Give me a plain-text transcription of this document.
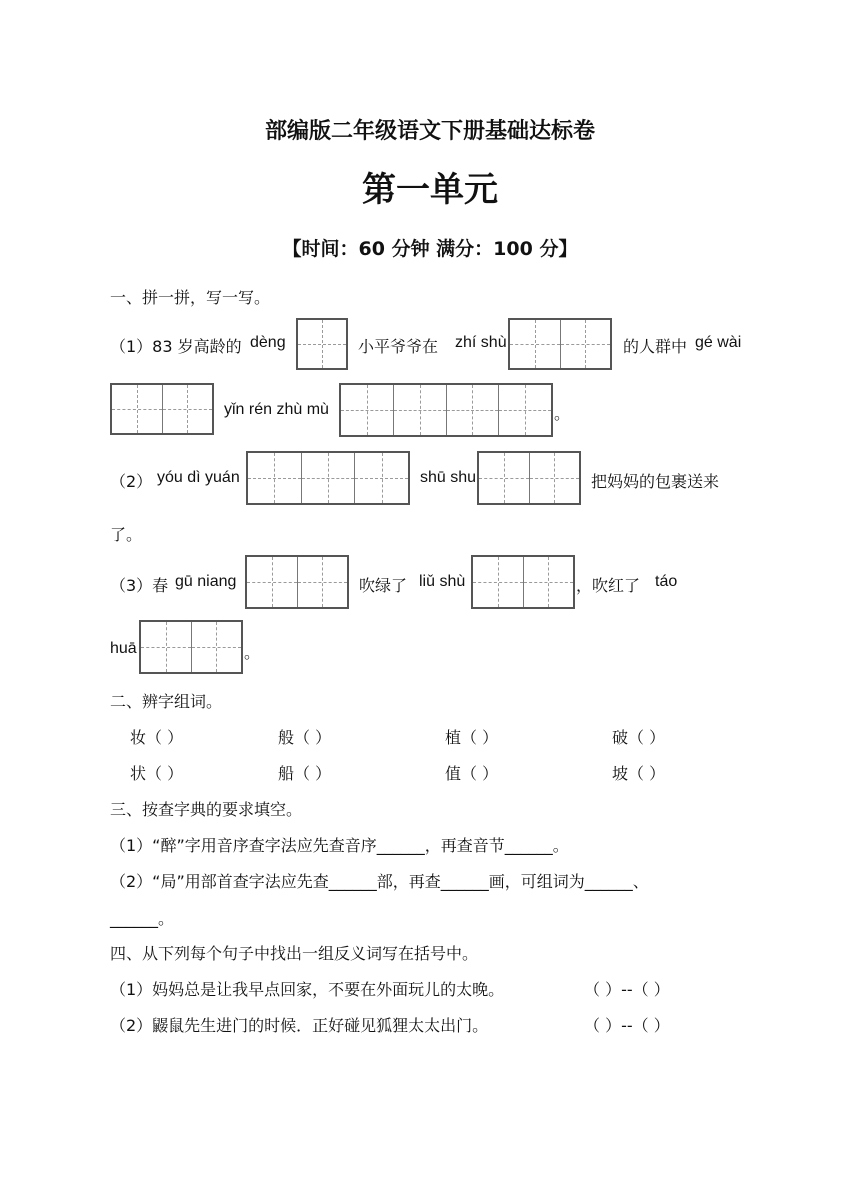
部编版二年级语文下册基础达标卷
第一单元
【时间：60 分钟 满分：100 分】
一、拼一拼，写一写。
（1）83 岁高龄的 dèng	小平爷爷在 zhí shù	的人群中 gé wài
yǐn rén zhù mù	。
（2） yóu dì yuán	shū shu	把妈妈的包裹送来
了。
（3）春 gū niang	吹绿了 liǔ shù	，吹红了 táo
huā	。
二、辨字组词。
妆（ ）	般（ ）	植（ ）	破（ ）
状（ ）	船（ ）	值（ ）	坡（ ）
三、按查字典的要求填空。
（1）“醉”字用音序查字法应先查音序______，再查音节______。
（2）“局”用部首查字法应先查______部，再查______画，可组词为______、
______。
四、从下列每个句子中找出一组反义词写在括号中。
（1）妈妈总是让我早点回家，不要在外面玩儿的太晚。	（ ）--（ ）
（2）鼹鼠先生进门的时候．正好碰见狐狸太太出门。	（ ）--（ ）
